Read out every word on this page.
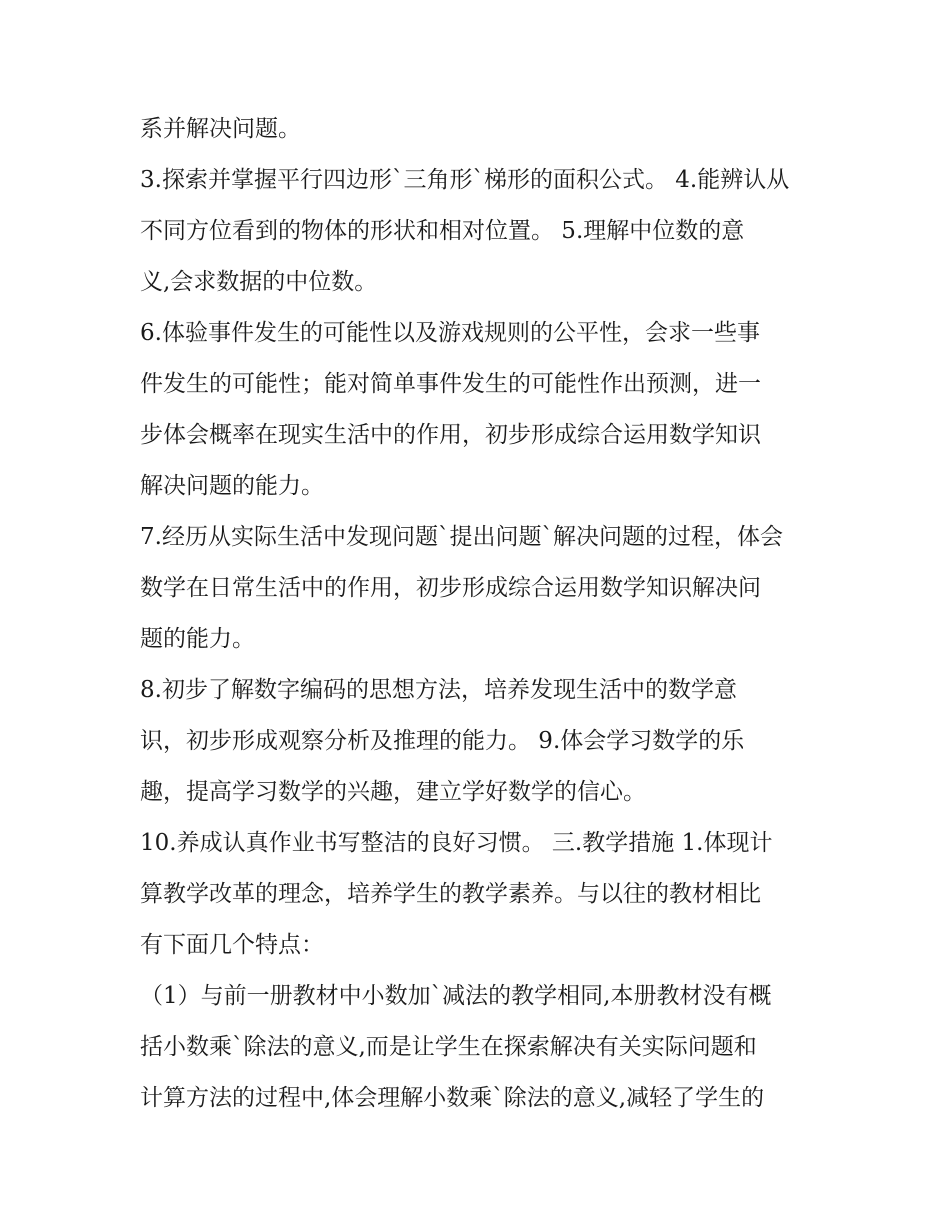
系并解决问题。
3.探索并掌握平行四边形`三角形`梯形的面积公式。 4.能辨认从
不同方位看到的物体的形状和相对位置。 5.理解中位数的意
义,会求数据的中位数。
6.体验事件发生的可能性以及游戏规则的公平性，会求一些事
件发生的可能性；能对简单事件发生的可能性作出预测，进一
步体会概率在现实生活中的作用，初步形成综合运用数学知识
解决问题的能力。
7.经历从实际生活中发现问题`提出问题`解决问题的过程，体会
数学在日常生活中的作用，初步形成综合运用数学知识解决问
题的能力。
8.初步了解数字编码的思想方法，培养发现生活中的数学意
识，初步形成观察分析及推理的能力。 9.体会学习数学的乐
趣，提高学习数学的兴趣，建立学好数学的信心。
10.养成认真作业书写整洁的良好习惯。 三.教学措施 1.体现计
算教学改革的理念，培养学生的教学素养。与以往的教材相比
有下面几个特点：
（1）与前一册教材中小数加`减法的教学相同,本册教材没有概
括小数乘`除法的意义,而是让学生在探索解决有关实际问题和
计算方法的过程中,体会理解小数乘`除法的意义,减轻了学生的
